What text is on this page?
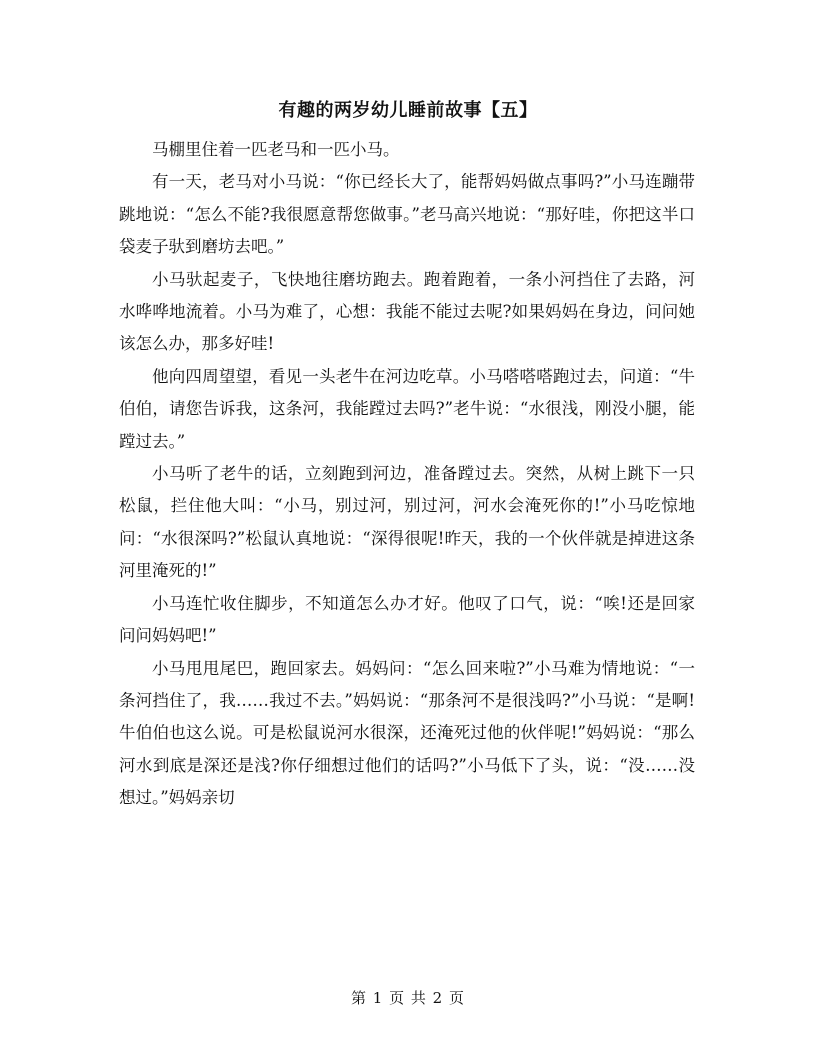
有趣的两岁幼儿睡前故事【五】

马棚里住着一匹老马和一匹小马。

有一天，老马对小马说：“你已经长大了，能帮妈妈做点事吗?”小马连蹦带跳地说：“怎么不能?我很愿意帮您做事。”老马高兴地说：“那好哇，你把这半口袋麦子驮到磨坊去吧。”

小马驮起麦子，飞快地往磨坊跑去。跑着跑着，一条小河挡住了去路，河水哗哗地流着。小马为难了，心想：我能不能过去呢?如果妈妈在身边，问问她该怎么办，那多好哇!

他向四周望望，看见一头老牛在河边吃草。小马嗒嗒嗒跑过去，问道：“牛伯伯，请您告诉我，这条河，我能蹚过去吗?”老牛说：“水很浅，刚没小腿，能蹚过去。”

小马听了老牛的话，立刻跑到河边，准备蹚过去。突然，从树上跳下一只松鼠，拦住他大叫：“小马，别过河，别过河，河水会淹死你的!”小马吃惊地问：“水很深吗?”松鼠认真地说：“深得很呢!昨天，我的一个伙伴就是掉进这条河里淹死的!”

小马连忙收住脚步，不知道怎么办才好。他叹了口气，说：“唉!还是回家问问妈妈吧!”

小马甩甩尾巴，跑回家去。妈妈问：“怎么回来啦?”小马难为情地说：“一条河挡住了，我……我过不去。”妈妈说：“那条河不是很浅吗?”小马说：“是啊!牛伯伯也这么说。可是松鼠说河水很深，还淹死过他的伙伴呢!”妈妈说：“那么河水到底是深还是浅?你仔细想过他们的话吗?”小马低下了头，说：“没……没想过。”妈妈亲切

第 1 页 共 2 页
